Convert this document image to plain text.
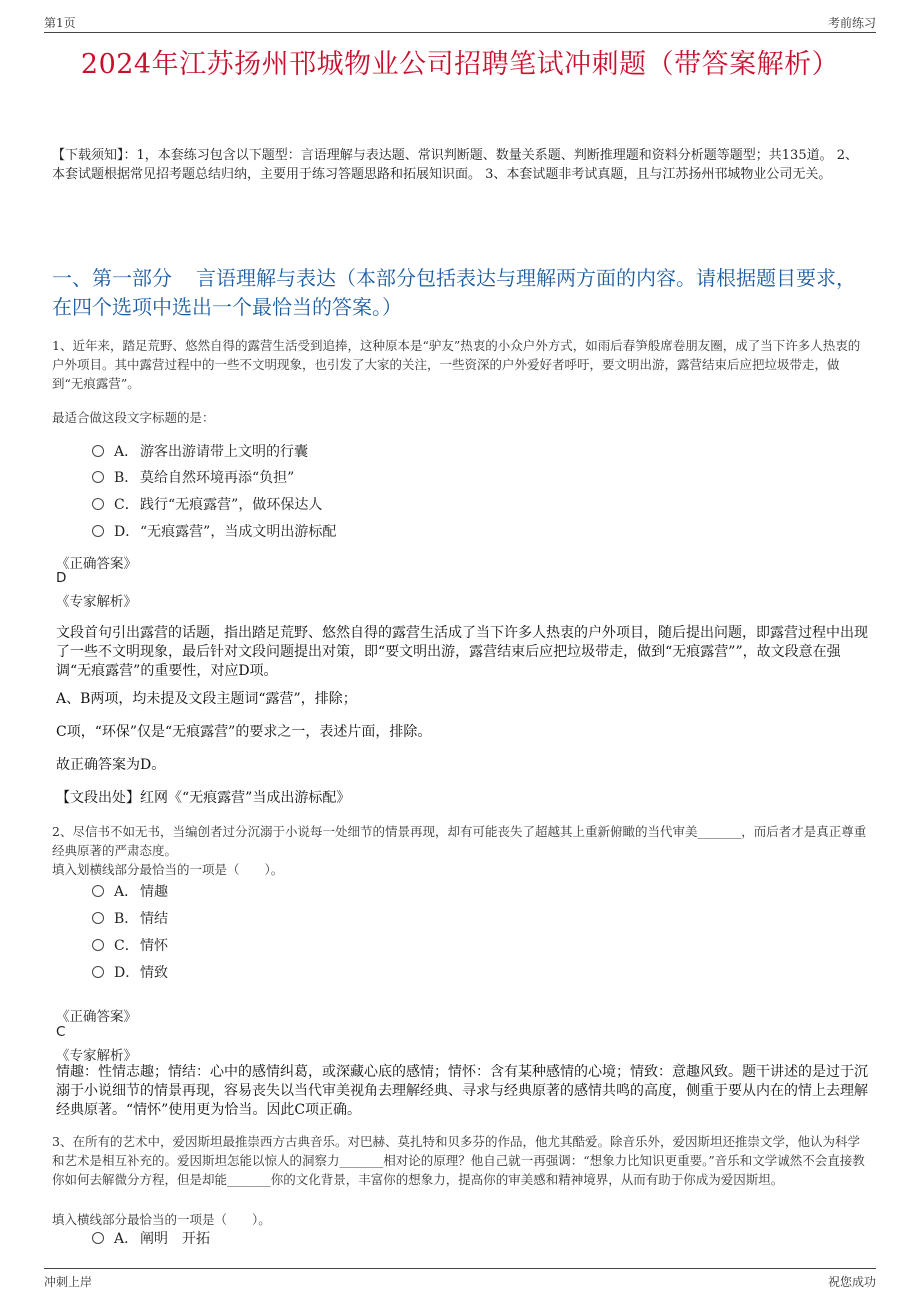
第1页	考前练习
2024年江苏扬州邗城物业公司招聘笔试冲刺题（带答案解析）
【下载须知】：1，本套练习包含以下题型：言语理解与表达题、常识判断题、数量关系题、判断推理题和资料分析题等题型；共135道。 2、本套试题根据常见招考题总结归纳，主要用于练习答题思路和拓展知识面。 3、本套试题非考试真题，且与江苏扬州邗城物业公司无关。
一、第一部分 言语理解与表达（本部分包括表达与理解两方面的内容。请根据题目要求，在四个选项中选出一个最恰当的答案。）
1、近年来，踏足荒野、悠然自得的露营生活受到追捧，这种原本是“驴友”热衷的小众户外方式，如雨后春笋般席卷朋友圈，成了当下许多人热衷的户外项目。其中露营过程中的一些不文明现象，也引发了大家的关注，一些资深的户外爱好者呼吁，要文明出游，露营结束后应把垃圾带走，做到“无痕露营”。
最适合做这段文字标题的是：
A． 游客出游请带上文明的行囊
B． 莫给自然环境再添“负担”
C．践行“无痕露营”，做环保达人
D．“无痕露营”，当成文明出游标配
《正确答案》
D
《专家解析》
文段首句引出露营的话题，指出踏足荒野、悠然自得的露营生活成了当下许多人热衷的户外项目，随后提出问题，即露营过程中出现了一些不文明现象，最后针对文段问题提出对策，即“要文明出游，露营结束后应把垃圾带走，做到“无痕露营””，故文段意在强调“无痕露营”的重要性，对应D项。
A、B两项，均未提及文段主题词“露营”，排除；
C项，“环保”仅是“无痕露营”的要求之一，表述片面，排除。
故正确答案为D。
【文段出处】红网《“无痕露营”当成出游标配》
2、尽信书不如无书，当编创者过分沉溺于小说每一处细节的情景再现，却有可能丧失了超越其上重新俯瞰的当代审美_______，而后者才是真正尊重经典原著的严肃态度。
填入划横线部分最恰当的一项是（　　）。
A． 情趣
B． 情结
C．情怀
D．情致
《正确答案》
C
《专家解析》
情趣：性情志趣；情结：心中的感情纠葛，或深藏心底的感情；情怀：含有某种感情的心境；情致：意趣风致。题干讲述的是过于沉溺于小说细节的情景再现，容易丧失以当代审美视角去理解经典、寻求与经典原著的感情共鸣的高度，侧重于要从内在的情上去理解经典原著。“情怀”使用更为恰当。因此C项正确。
3、在所有的艺术中，爱因斯坦最推崇西方古典音乐。对巴赫、莫扎特和贝多芬的作品，他尤其酷爱。除音乐外，爱因斯坦还推崇文学，他认为科学和艺术是相互补充的。爱因斯坦怎能以惊人的洞察力_______相对论的原理？他自己就一再强调：“想象力比知识更重要。”音乐和文学诚然不会直接教你如何去解微分方程，但是却能_______你的文化背景，丰富你的想象力，提高你的审美感和精神境界，从而有助于你成为爱因斯坦。
填入横线部分最恰当的一项是（　　）。
A． 阐明　开拓
冲刺上岸	祝您成功
